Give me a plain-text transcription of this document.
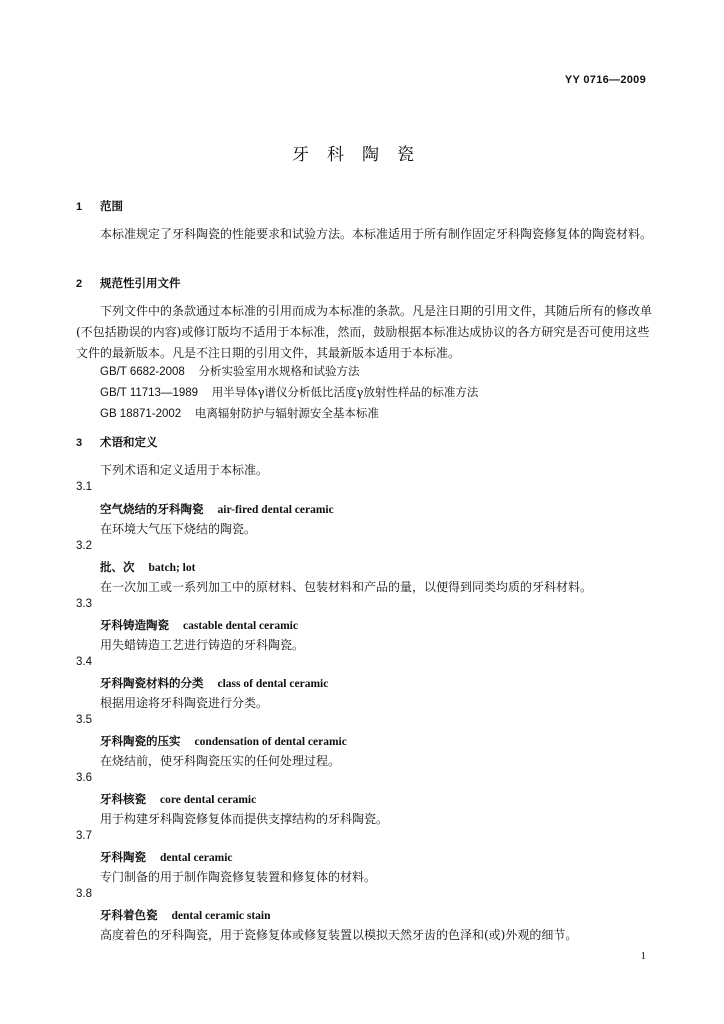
YY 0716—2009
牙科陶瓷
1 范围
本标准规定了牙科陶瓷的性能要求和试验方法。本标准适用于所有制作固定牙科陶瓷修复体的陶瓷材料。
2 规范性引用文件
下列文件中的条款通过本标准的引用而成为本标准的条款。凡是注日期的引用文件，其随后所有的修改单(不包括勘误的内容)或修订版均不适用于本标准，然而，鼓励根据本标准达成协议的各方研究是否可使用这些文件的最新版本。凡是不注日期的引用文件，其最新版本适用于本标准。
GB/T 6682-2008 分析实验室用水规格和试验方法
GB/T 11713—1989 用半导体γ谱仪分析低比活度γ放射性样品的标准方法
GB 18871-2002 电离辐射防护与辐射源安全基本标准
3 术语和定义
下列术语和定义适用于本标准。
3.1
空气烧结的牙科陶瓷 air-fired dental ceramic
在环境大气压下烧结的陶瓷。
3.2
批、次 batch; lot
在一次加工或一系列加工中的原材料、包装材料和产品的量，以便得到同类均质的牙科材料。
3.3
牙科铸造陶瓷 castable dental ceramic
用失蜡铸造工艺进行铸造的牙科陶瓷。
3.4
牙科陶瓷材料的分类 class of dental ceramic
根据用途将牙科陶瓷进行分类。
3.5
牙科陶瓷的压实 condensation of dental ceramic
在烧结前，使牙科陶瓷压实的任何处理过程。
3.6
牙科核瓷 core dental ceramic
用于构建牙科陶瓷修复体而提供支撑结构的牙科陶瓷。
3.7
牙科陶瓷 dental ceramic
专门制备的用于制作陶瓷修复装置和修复体的材料。
3.8
牙科着色瓷 dental ceramic stain
高度着色的牙科陶瓷，用于瓷修复体或修复装置以模拟天然牙齿的色泽和(或)外观的细节。
1
